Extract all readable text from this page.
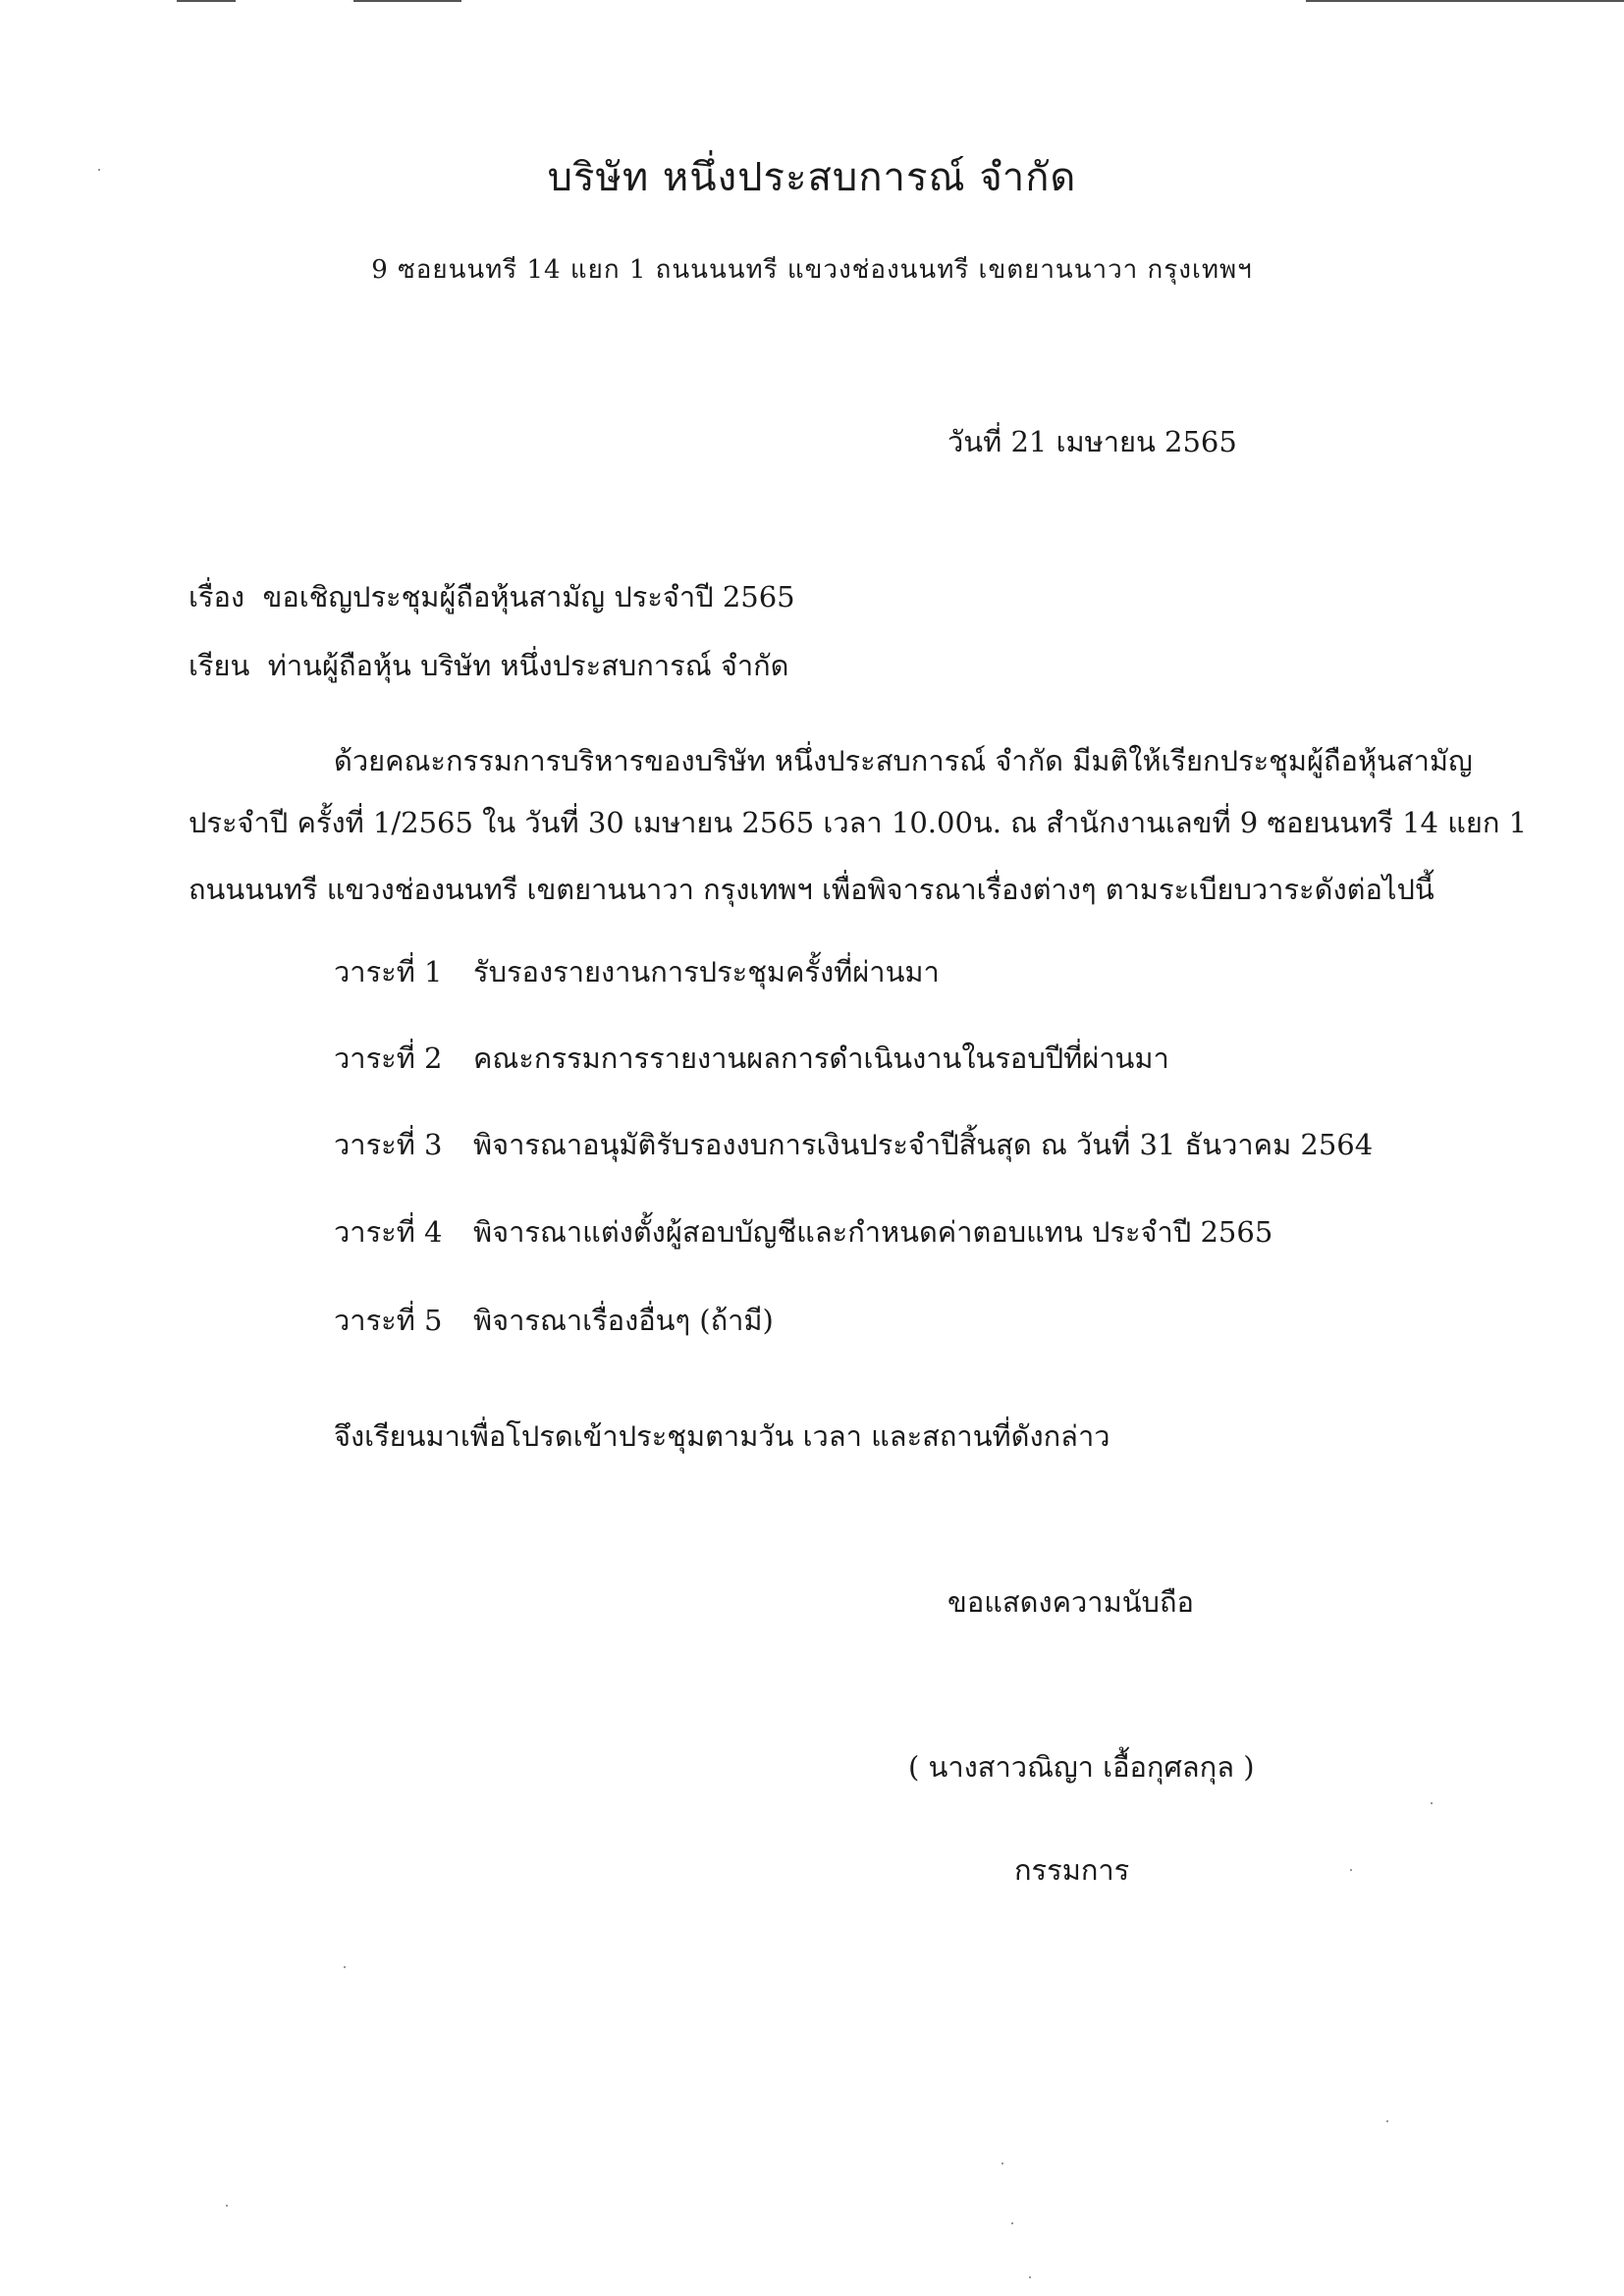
บริษัท หนึ่งประสบการณ์ จำกัด
9 ซอยนนทรี 14 แยก 1 ถนนนนทรี แขวงช่องนนทรี เขตยานนาวา กรุงเทพฯ
วันที่ 21 เมษายน 2565
เรื่อง ขอเชิญประชุมผู้ถือหุ้นสามัญ ประจำปี 2565
เรียน ท่านผู้ถือหุ้น บริษัท หนึ่งประสบการณ์ จำกัด
ด้วยคณะกรรมการบริหารของบริษัท หนึ่งประสบการณ์ จำกัด มีมติให้เรียกประชุมผู้ถือหุ้นสามัญ
ประจำปี ครั้งที่ 1/2565 ใน วันที่ 30 เมษายน 2565 เวลา 10.00น. ณ สำนักงานเลขที่ 9 ซอยนนทรี 14 แยก 1
ถนนนนทรี แขวงช่องนนทรี เขตยานนาวา กรุงเทพฯ เพื่อพิจารณาเรื่องต่างๆ ตามระเบียบวาระดังต่อไปนี้
วาระที่ 1 รับรองรายงานการประชุมครั้งที่ผ่านมา
วาระที่ 2 คณะกรรมการรายงานผลการดำเนินงานในรอบปีที่ผ่านมา
วาระที่ 3 พิจารณาอนุมัติรับรองงบการเงินประจำปีสิ้นสุด ณ วันที่ 31 ธันวาคม 2564
วาระที่ 4 พิจารณาแต่งตั้งผู้สอบบัญชีและกำหนดค่าตอบแทน ประจำปี 2565
วาระที่ 5 พิจารณาเรื่องอื่นๆ (ถ้ามี)
จึงเรียนมาเพื่อโปรดเข้าประชุมตามวัน เวลา และสถานที่ดังกล่าว
ขอแสดงความนับถือ
( นางสาวณิญา เอื้อกุศลกุล )
กรรมการ
